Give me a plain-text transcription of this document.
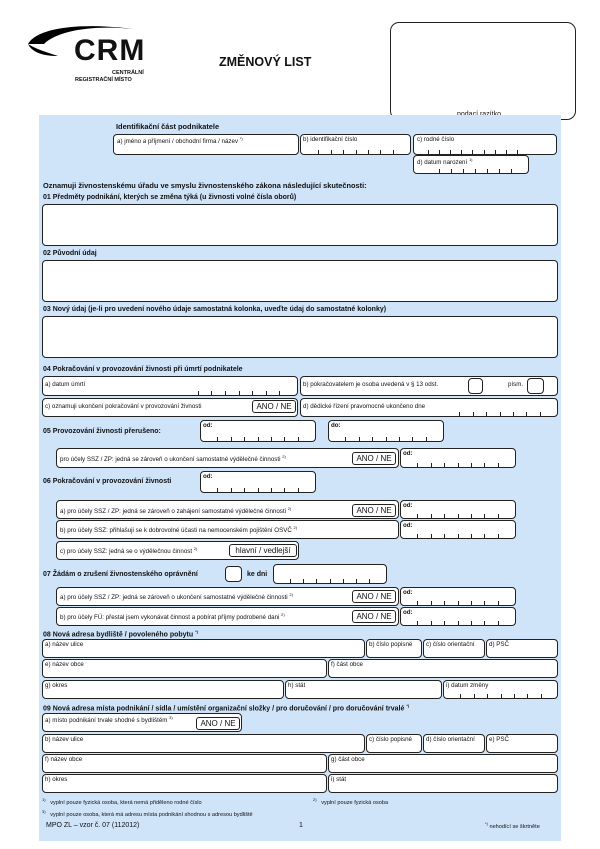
CRM
CENTRÁLNÍ
REGISTRAČNÍ MÍSTO
ZMĚNOVÝ LIST
Identifikační část podnikatele
a) jméno a příjmení / obchodní firma / název *)	b) identifikační číslo	c) rodné číslo
d) datum narození $^{1)}$
Oznamuji živnostenskému úřadu ve smyslu živnostenského zákona následující skutečnosti:
01 Předměty podnikání, kterých se změna týká (u živnosti volné čísla oborů)
02 Původní údaj
03 Nový údaj (je-li pro uvedení nového údaje samostatná kolonka, uveďte údaj do samostatné kolonky)
04 Pokračování v provozování živnosti při úmrtí podnikatele
a) datum úmrtí	b) pokračovatelem je osoba uvedená v § 13 odst.	písm.
c) oznamuji ukončení pokračování v provozování živnosti	ANO / NE	d) dědické řízení pravomocně ukončeno dne
05 Provozování živnosti přerušeno:
od:	do:
pro účely SSZ / ZP: jedná se zároveň o ukončení samostatné výdělečné činnosti $^{2)}$	ANO / NE
od:
06 Pokračování v provozování živnosti
od:
a) pro účely SSZ / ZP: jedná se zároveň o zahájení samostatné výdělečné činnosti $^{2)}$	ANO / NE
od:
b) pro účely SSZ: přihlašuji se k dobrovolné účasti na nemocenském pojištění OSVČ $^{2)}$	od:
c) pro účely SSZ: jedná se o výdělečnou činnost $^{2)}$	hlavní / vedlejší
07 Žádám o zrušení živnostenského oprávnění	ke dni
a) pro účely SSZ / ZP: jedná se zároveň o ukončení samostatné výdělečné činnosti $^{2)}$	ANO / NE	od:
b) pro účely FÚ: přestal jsem vykonávat činnost a pobírat příjmy podrobené dani $^{2)}$	ANO / NE	od:
08 Nová adresa bydliště / povoleného pobytu *)
a) název ulice	b) číslo popisné c) číslo orientační d) PSČ
e) název obce	f) část obce
g) okres	h) stát	i) datum změny
09 Nová adresa místa podnikání / sídla / umístění organizační složky / pro doručování / pro doručování trvalé *)
a) místo podnikání trvale shodné s bydlištěm $^{3)}$
ANO / NE
b) název ulice	c) číslo popisné d) číslo orientační e) PSČ
f) název obce	g) část obce
h) okres	i) stát
$^{1)}$   vyplní pouze fyzická osoba, která nemá přiděleno rodné číslo
$^{2)}$   vyplní pouze fyzická osoba
$^{3)}$   vyplní pouze osoba, která má adresu místa podnikání shodnou s adresou bydliště
MPO ZL – vzor č. 07 (112012)	1	*) nehodící se škrtněte
